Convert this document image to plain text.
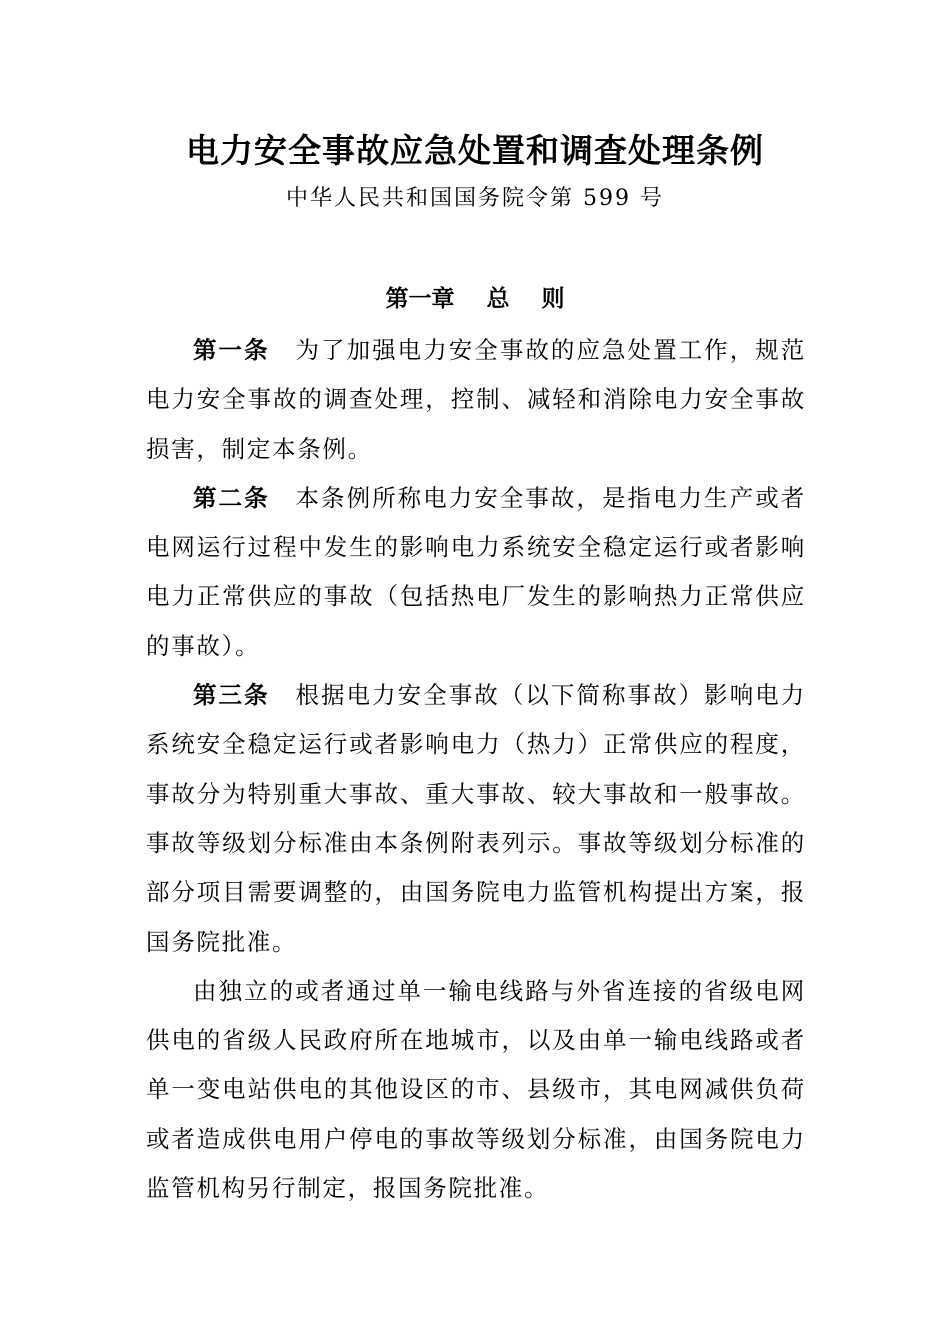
电力安全事故应急处置和调查处理条例
中华人民共和国国务院令第 599 号
第一章    总    则

第一条 为了加强电力安全事故的应急处置工作，规范电力安全事故的调查处理，控制、减轻和消除电力安全事故损害，制定本条例。

第二条 本条例所称电力安全事故，是指电力生产或者电网运行过程中发生的影响电力系统安全稳定运行或者影响电力正常供应的事故（包括热电厂发生的影响热力正常供应的事故）。

第三条 根据电力安全事故（以下简称事故）影响电力系统安全稳定运行或者影响电力（热力）正常供应的程度，事故分为特别重大事故、重大事故、较大事故和一般事故。事故等级划分标准由本条例附表列示。事故等级划分标准的部分项目需要调整的，由国务院电力监管机构提出方案，报国务院批准。

由独立的或者通过单一输电线路与外省连接的省级电网供电的省级人民政府所在地城市，以及由单一输电线路或者单一变电站供电的其他设区的市、县级市，其电网减供负荷或者造成供电用户停电的事故等级划分标准，由国务院电力监管机构另行制定，报国务院批准。
